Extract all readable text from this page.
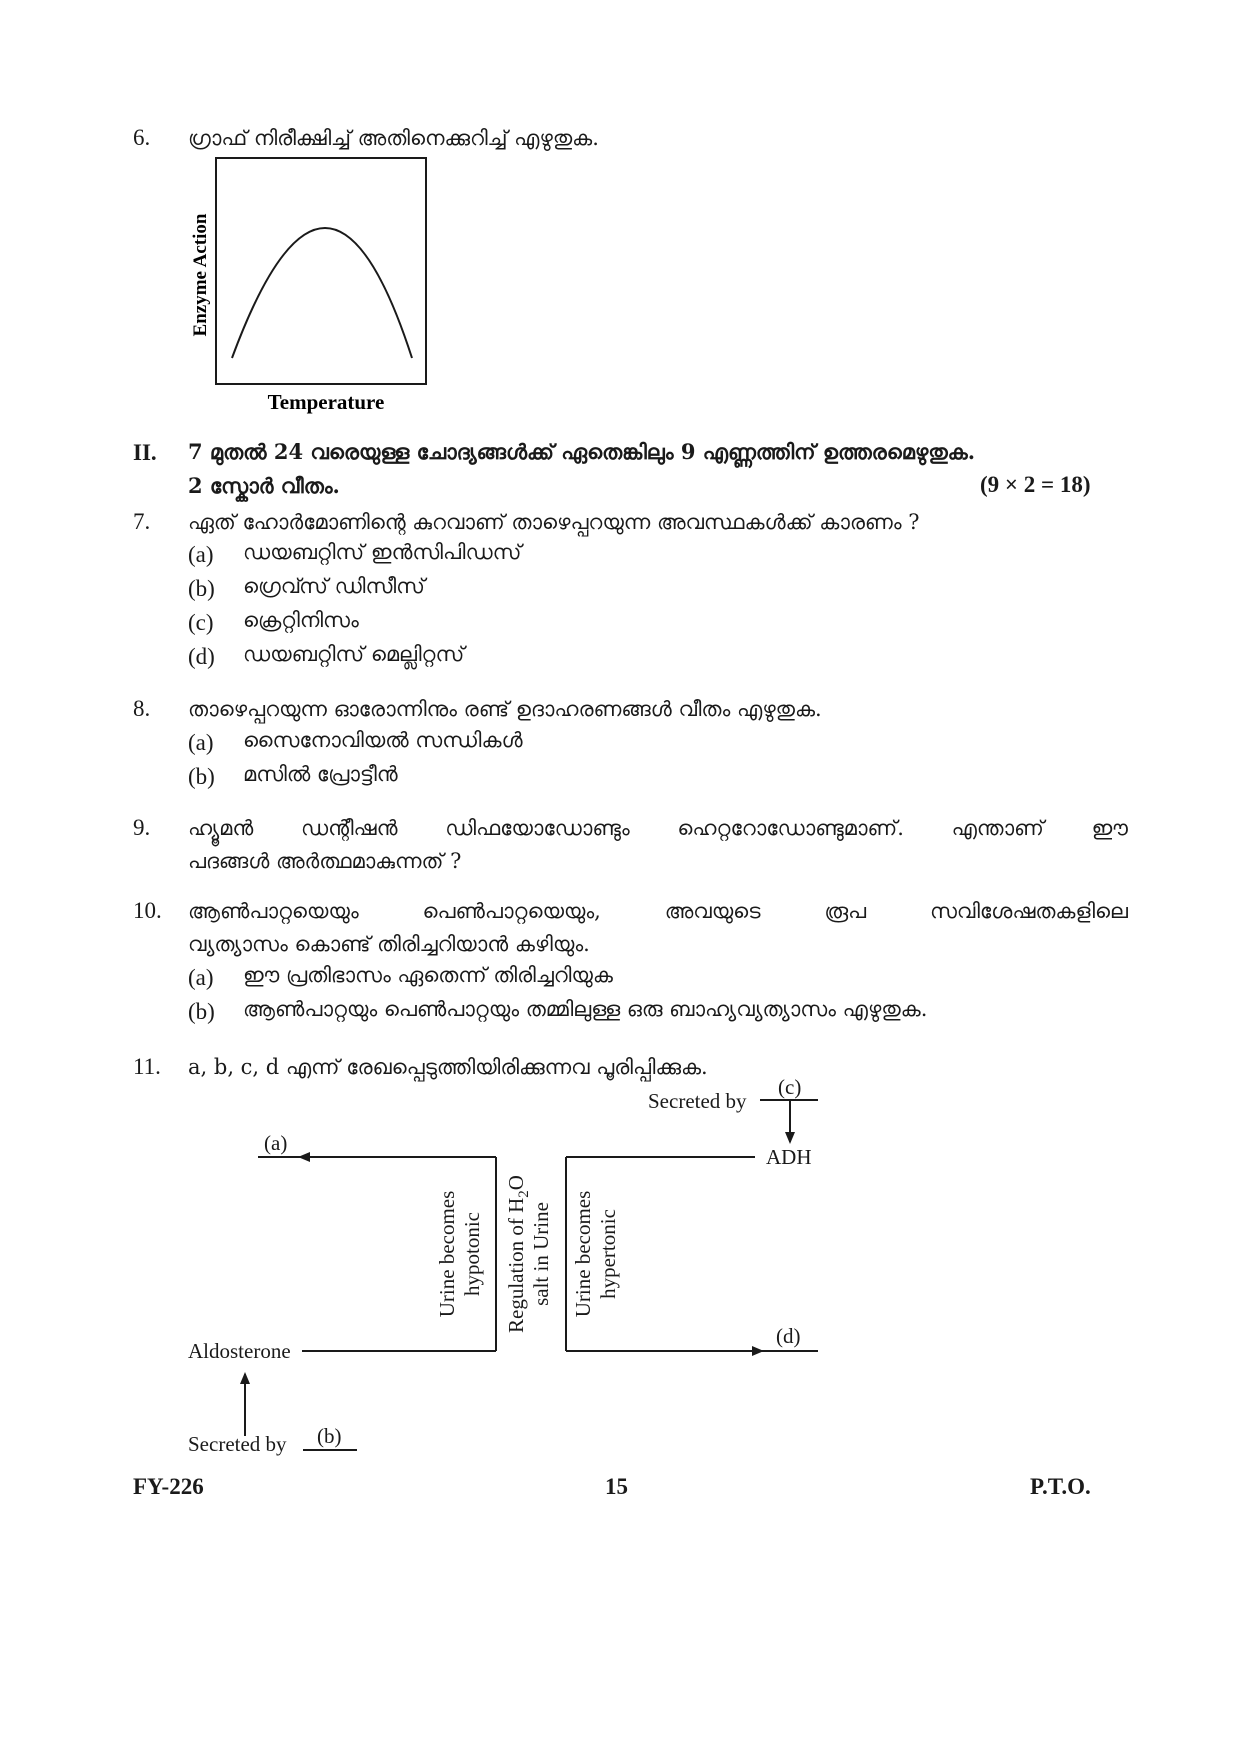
6. ഗ്രാഫ് നിരീക്ഷിച്ച് അതിനെക്കുറിച്ച് എഴുതുക.
Enzyme Action
Temperature
II. 7 മുതൽ 24 വരെയുള്ള ചോദ്യങ്ങൾക്ക് ഏതെങ്കിലും 9 എണ്ണത്തിന് ഉത്തരമെഴുതുക.
2 സ്കോർ വീതം.	(9 × 2 = 18)
7. ഏത് ഹോർമോണിന്റെ കുറവാണ് താഴെപ്പറയുന്ന അവസ്ഥകൾക്ക് കാരണം ?
(a) ഡയബറ്റിസ് ഇൻസിപിഡസ്
(b) ഗ്രെവ്സ് ഡിസീസ്
(c) ക്രെറ്റിനിസം
(d) ഡയബറ്റിസ് മെല്ലിറ്റസ്
8. താഴെപ്പറയുന്ന ഓരോന്നിനും രണ്ട് ഉദാഹരണങ്ങൾ വീതം എഴുതുക.
(a) സൈനോവിയൽ സന്ധികൾ
(b) മസിൽ പ്രോട്ടീൻ
9. ഹ്യൂമൻ ഡന്റീഷൻ ഡിഫയോഡോണ്ടും ഹെറ്ററോഡോണ്ടുമാണ്. എന്താണ് ഈ
പദങ്ങൾ അർത്ഥമാകുന്നത് ?
10. ആൺപാറ്റയെയും	പെൺപാറ്റയെയും,	അവയുടെ	രൂപ	സവിശേഷതകളിലെ
വ്യത്യാസം കൊണ്ട് തിരിച്ചറിയാൻ കഴിയും.
(a) ഈ പ്രതിഭാസം ഏതെന്ന് തിരിച്ചറിയുക
(b) ആൺപാറ്റയും പെൺപാറ്റയും തമ്മിലുള്ള ഒരു ബാഹ്യവ്യത്യാസം എഴുതുക.
11. a, b, c, d എന്ന് രേഖപ്പെടുത്തിയിരിക്കുന്നവ പൂരിപ്പിക്കുക.
Secreted by
(c)
ADH
(a)
(d)
Aldosterone
Secreted by (b)
Urine becomes hypotonic Regulation of $H_2O$
salt in Urine Urine becomes hypertonic
FY-226	15	P.T.O.
